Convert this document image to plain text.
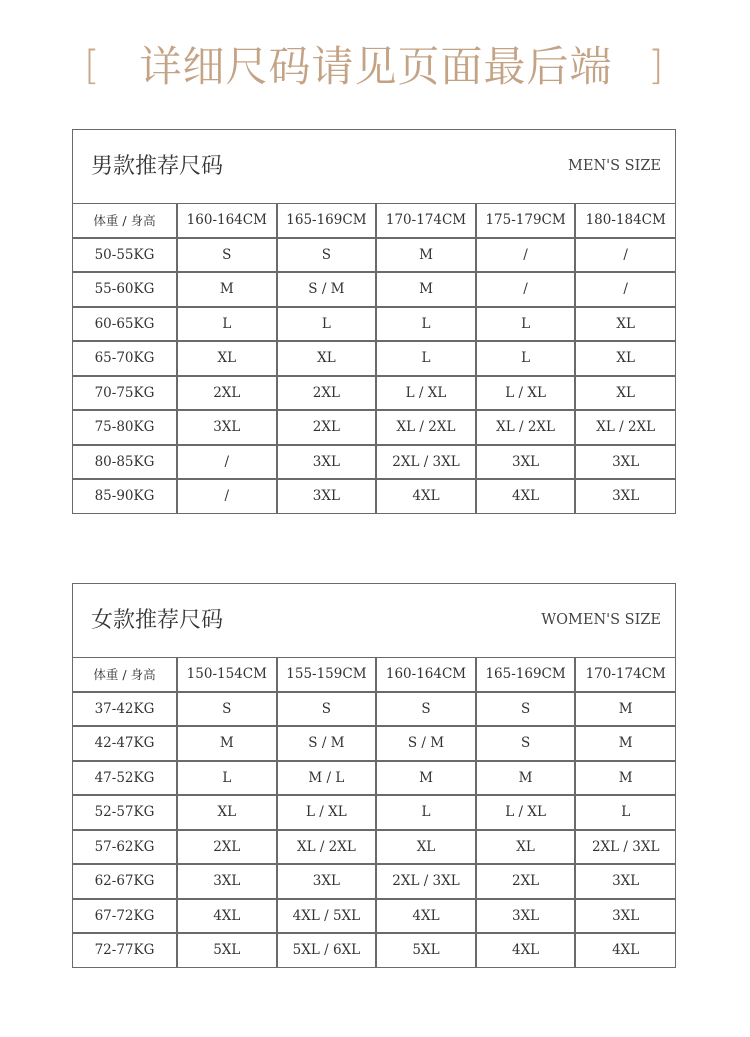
[ 详细尺码请见页面最后端 ]
男款推荐尺码	MEN'S SIZE
体重 / 身高	160-164CM	165-169CM	170-174CM	175-179CM	180-184CM
50-55KG	S	S	M	/	/
55-60KG	M	S / M	M	/	/
60-65KG	L	L	L	L	XL
65-70KG	XL	XL	L	L	XL
70-75KG	2XL	2XL	L / XL	L / XL	XL
75-80KG	3XL	2XL	XL / 2XL	XL / 2XL	XL / 2XL
80-85KG	/	3XL	2XL / 3XL	3XL	3XL
85-90KG	/	3XL	4XL	4XL	3XL
女款推荐尺码	WOMEN'S SIZE
体重 / 身高	150-154CM	155-159CM	160-164CM	165-169CM	170-174CM
37-42KG	S	S	S	S	M
42-47KG	M	S / M	S / M	S	M
47-52KG	L	M / L	M	M	M
52-57KG	XL	L / XL	L	L / XL	L
57-62KG	2XL	XL / 2XL	XL	XL	2XL / 3XL
62-67KG	3XL	3XL	2XL / 3XL	2XL	3XL
67-72KG	4XL	4XL / 5XL	4XL	3XL	3XL
72-77KG	5XL	5XL / 6XL	5XL	4XL	4XL
